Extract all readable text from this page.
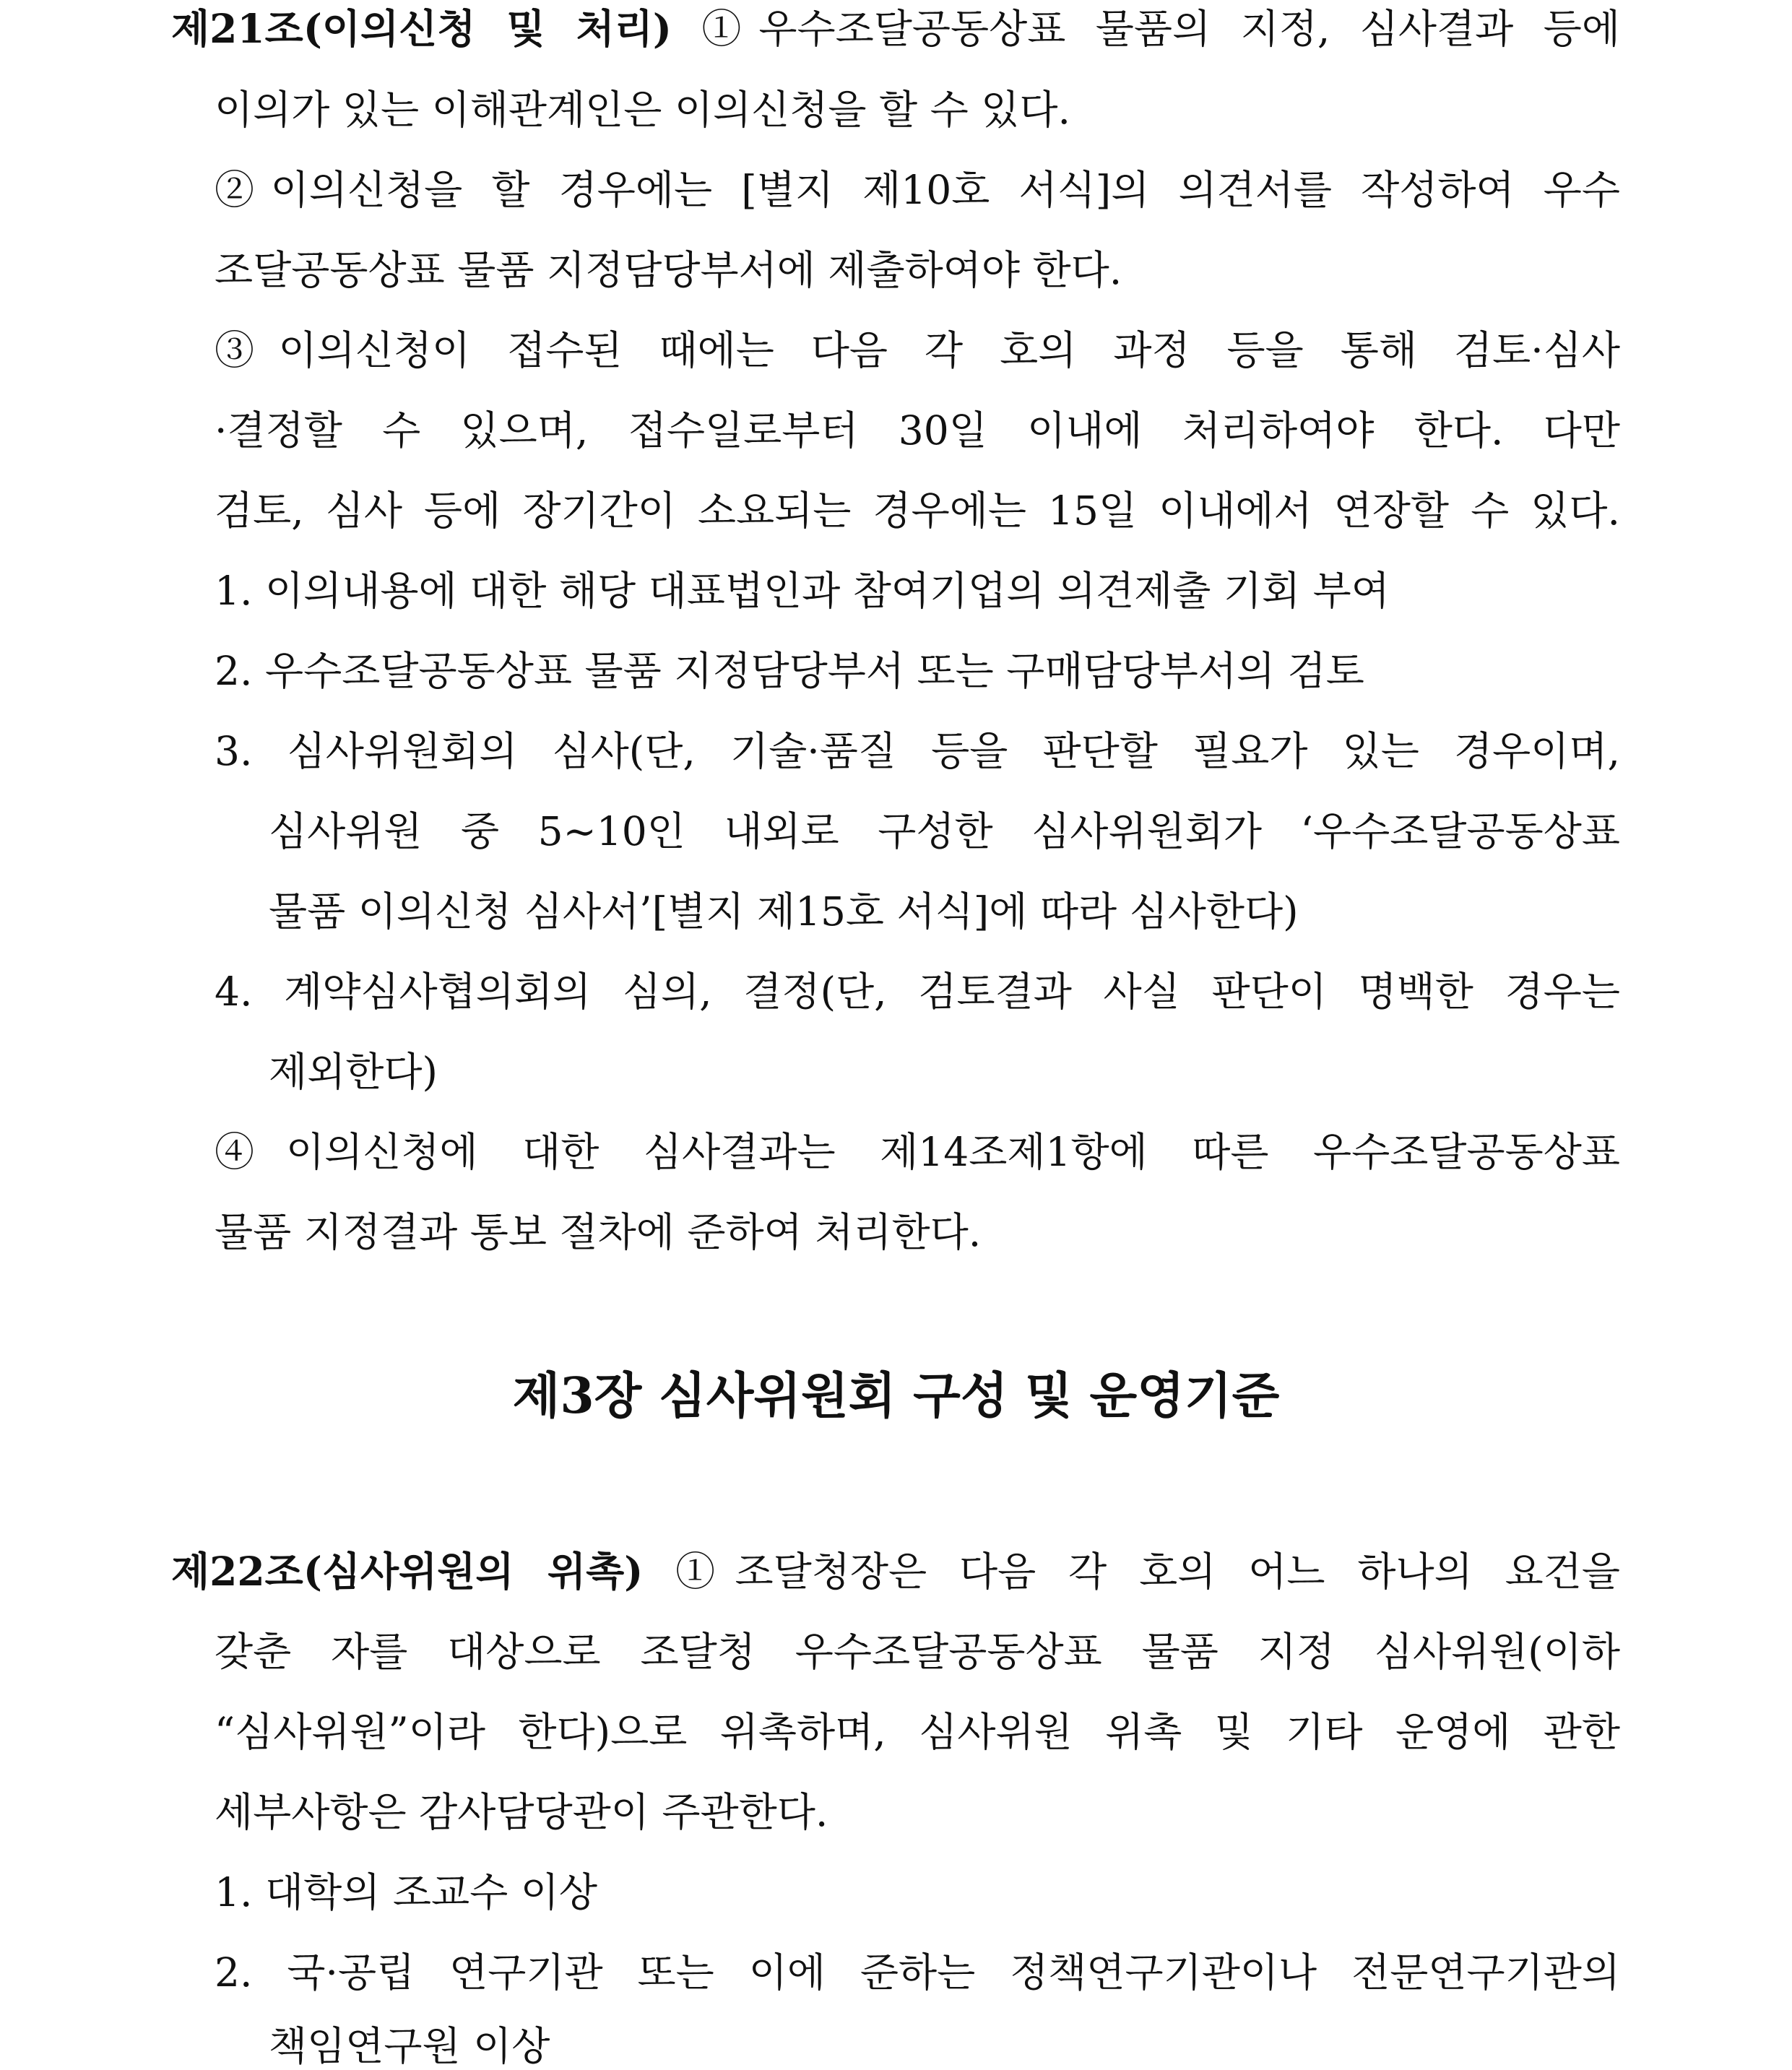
제21조(이의신청 및 처리) ①우수조달공동상표 물품의 지정, 심사결과 등에
이의가 있는 이해관계인은 이의신청을 할 수 있다.
②이의신청을 할 경우에는 [별지 제10호 서식]의 의견서를 작성하여 우수
조달공동상표 물품 지정담당부서에 제출하여야 한다.
③이의신청이 접수된 때에는 다음 각 호의 과정 등을 통해 검토·심사
·결정할 수 있으며, 접수일로부터 30일 이내에 처리하여야 한다. 다만
검토, 심사 등에 장기간이 소요되는 경우에는 15일 이내에서 연장할 수 있다.
1. 이의내용에 대한 해당 대표법인과 참여기업의 의견제출 기회 부여
2. 우수조달공동상표 물품 지정담당부서 또는 구매담당부서의 검토
3. 심사위원회의 심사(단, 기술·품질 등을 판단할 필요가 있는 경우이며,
심사위원 중 5~10인 내외로 구성한 심사위원회가 ‘우수조달공동상표
물품 이의신청 심사서’[별지 제15호 서식]에 따라 심사한다)
4. 계약심사협의회의 심의, 결정(단, 검토결과 사실 판단이 명백한 경우는
제외한다)
④이의신청에 대한 심사결과는 제14조제1항에 따른 우수조달공동상표
물품 지정결과 통보 절차에 준하여 처리한다.
제3장 심사위원회 구성 및 운영기준
제22조(심사위원의 위촉) ①조달청장은 다음 각 호의 어느 하나의 요건을
갖춘 자를 대상으로 조달청 우수조달공동상표 물품 지정 심사위원(이하
“심사위원”이라 한다)으로 위촉하며, 심사위원 위촉 및 기타 운영에 관한
세부사항은 감사담당관이 주관한다.
1. 대학의 조교수 이상
2. 국·공립 연구기관 또는 이에 준하는 정책연구기관이나 전문연구기관의
책임연구원 이상
